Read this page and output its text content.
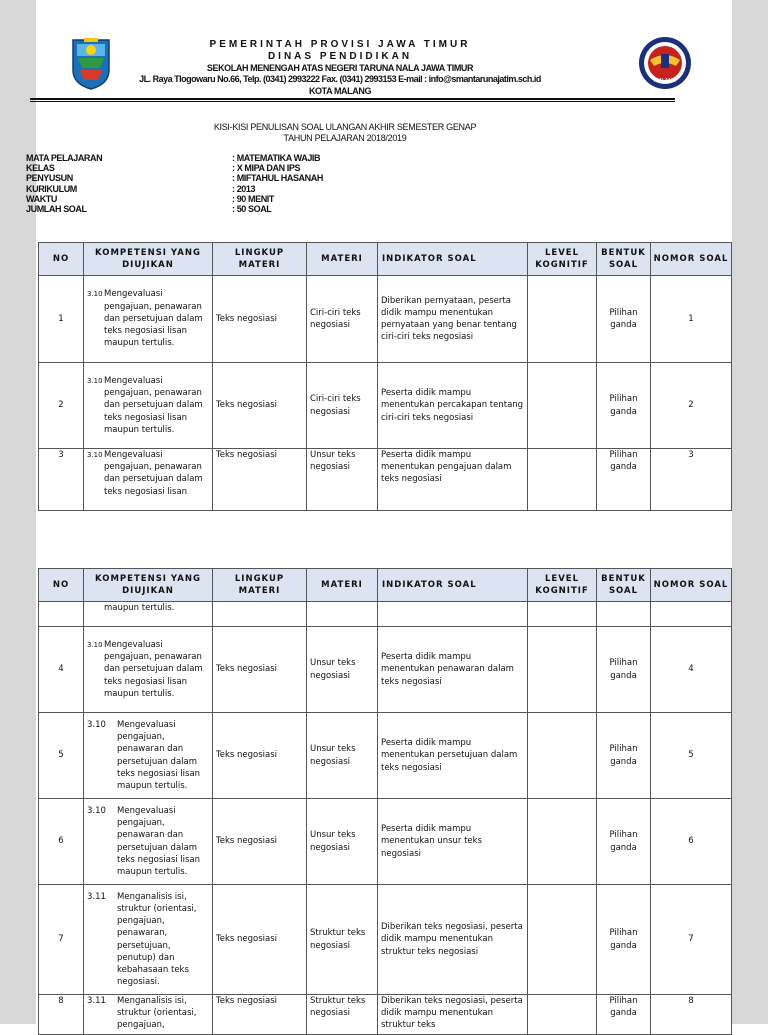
MALANG
PEMERINTAH PROVISI JAWA TIMUR
DINAS PENDIDIKAN
SEKOLAH MENENGAH ATAS NEGERI TARUNA NALA JAWA TIMUR
JL. Raya Tlogowaru No.66, Telp. (0341) 2993222 Fax. (0341) 2993153 E-mail : info@smantarunajatim.sch.id
KOTA MALANG
KISI-KISI PENULISAN SOAL ULANGAN AKHIR SEMESTER GENAP
TAHUN PELAJARAN 2018/2019
MATA PELAJARAN	: MATEMATIKA WAJIB
KELAS	: X MIPA DAN IPS
PENYUSUN	: MIFTAHUL HASANAH
KURIKULUM	: 2013
WAKTU	: 90 MENIT
JUMLAH SOAL	: 50 SOAL
NO	KOMPETENSI YANG DIUJIKAN	LINGKUP MATERI	MATERI	INDIKATOR SOAL	LEVEL KOGNITIF	BENTUK SOAL	NOMOR SOAL
1	3.10 Mengevaluasi pengajuan, penawaran dan persetujuan dalam teks negosiasi lisan maupun tertulis.	Teks negosiasi	Ciri-ciri teks negosiasi	Diberikan pernyataan, peserta didik mampu menentukan pernyataan yang benar tentang ciri-ciri teks negosiasi		Pilihan ganda	1
2	3.10 Mengevaluasi pengajuan, penawaran dan persetujuan dalam teks negosiasi lisan maupun tertulis.	Teks negosiasi	Ciri-ciri teks negosiasi	Peserta didik mampu menentukan percakapan tentang ciri-ciri teks negosiasi		Pilihan ganda	2
3	3.10 Mengevaluasi pengajuan, penawaran dan persetujuan dalam teks negosiasi lisan	Teks negosiasi	Unsur teks negosiasi	Peserta didik mampu menentukan pengajuan dalam teks negosiasi		Pilihan ganda	3
NO	KOMPETENSI YANG DIUJIKAN	LINGKUP MATERI	MATERI	INDIKATOR SOAL	LEVEL KOGNITIF	BENTUK SOAL	NOMOR SOAL

	maupun tertulis.						

4	3.10 Mengevaluasi pengajuan, penawaran dan persetujuan dalam teks negosiasi lisan maupun tertulis.	Teks negosiasi	Unsur teks negosiasi	Peserta didik mampu menentukan penawaran dalam teks negosiasi		Pilihan ganda	4
5	3.10 Mengevaluasi pengajuan, penawaran dan persetujuan dalam teks negosiasi lisan maupun tertulis.	Teks negosiasi	Unsur teks negosiasi	Peserta didik mampu menentukan persetujuan dalam teks negosiasi		Pilihan ganda	5
6	3.10 Mengevaluasi pengajuan, penawaran dan persetujuan dalam teks negosiasi lisan maupun tertulis.	Teks negosiasi	Unsur teks negosiasi	Peserta didik mampu menentukan unsur teks negosiasi		Pilihan ganda	6
7	3.11 Menganalisis isi, struktur (orientasi, pengajuan, penawaran, persetujuan, penutup) dan kebahasaan teks negosiasi.	Teks negosiasi	Struktur teks negosiasi	Diberikan teks negosiasi, peserta didik mampu menentukan struktur teks negosiasi		Pilihan ganda	7
8	3.11 Menganalisis isi, struktur (orientasi, pengajuan,	Teks negosiasi	Struktur teks negosiasi	Diberikan teks negosiasi, peserta didik mampu menentukan struktur teks		Pilihan ganda	8
